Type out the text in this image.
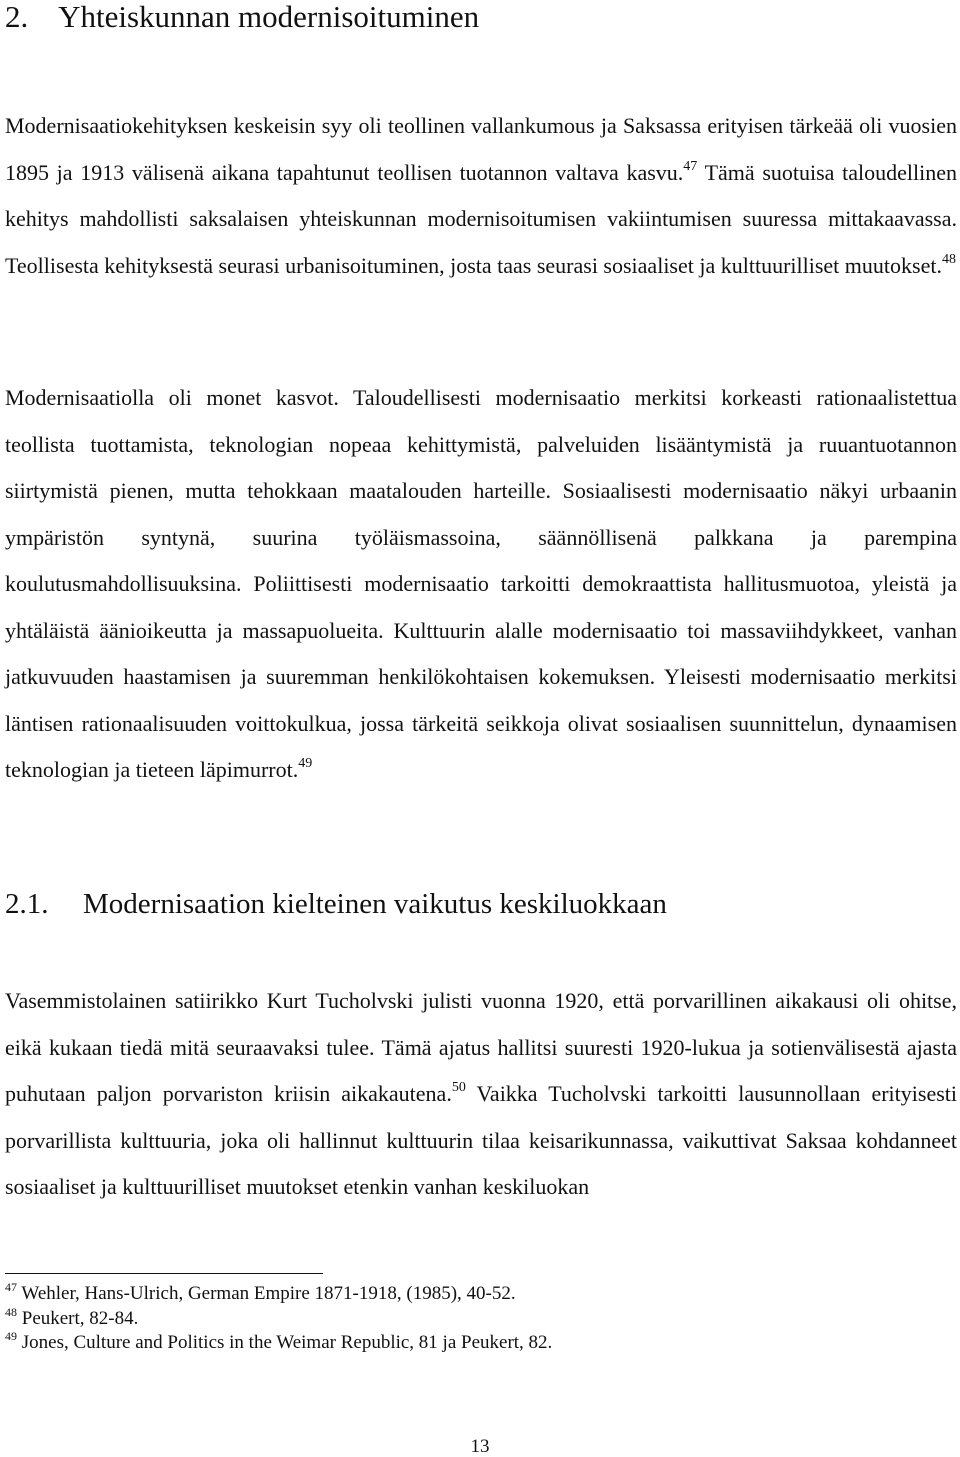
2.    Yhteiskunnan modernisoituminen

Modernisaatiokehityksen keskeisin syy oli teollinen vallankumous ja Saksassa erityisen tärkeää oli vuosien 1895 ja 1913 välisenä aikana tapahtunut teollisen tuotannon valtava kasvu.$^{47}$ Tämä suotuisa taloudellinen kehitys mahdollisti saksalaisen yhteiskunnan modernisoitumisen vakiintumisen suuressa mittakaavassa. Teollisesta kehityksestä seurasi urbanisoituminen, josta taas seurasi sosiaaliset ja kulttuurilliset muutokset.$^{48}$

Modernisaatiolla oli monet kasvot. Taloudellisesti modernisaatio merkitsi korkeasti rationaalistettua teollista tuottamista, teknologian nopeaa kehittymistä, palveluiden lisääntymistä ja ruuantuotannon siirtymistä pienen, mutta tehokkaan maatalouden harteille. Sosiaalisesti modernisaatio näkyi urbaanin ympäristön syntynä, suurina työläismassoina, säännöllisenä palkkana ja parempina koulutusmahdollisuuksina. Poliittisesti modernisaatio tarkoitti demokraattista hallitusmuotoa, yleistä ja yhtäläistä äänioikeutta ja massapuolueita. Kulttuurin alalle modernisaatio toi massaviihdykkeet, vanhan jatkuvuuden haastamisen ja suuremman henkilökohtaisen kokemuksen. Yleisesti modernisaatio merkitsi läntisen rationaalisuuden voittokulkua, jossa tärkeitä seikkoja olivat sosiaalisen suunnittelun, dynaamisen teknologian ja tieteen läpimurrot.$^{49}$

2.1. Modernisaation kielteinen vaikutus keskiluokkaan

Vasemmistolainen satiirikko Kurt Tucholvski julisti vuonna 1920, että porvarillinen aikakausi oli ohitse, eikä kukaan tiedä mitä seuraavaksi tulee. Tämä ajatus hallitsi suuresti 1920-lukua ja sotienvälisestä ajasta puhutaan paljon porvariston kriisin aikakautena.$^{50}$ Vaikka Tucholvski tarkoitti lausunnollaan erityisesti porvarillista kulttuuria, joka oli hallinnut kulttuurin tilaa keisarikunnassa, vaikuttivat Saksaa kohdanneet sosiaaliset ja kulttuurilliset muutokset etenkin vanhan keskiluokan

$^{47}$ Wehler, Hans-Ulrich, German Empire 1871-1918, (1985), 40-52.
$^{48}$ Peukert, 82-84.
$^{49}$ Jones, Culture and Politics in the Weimar Republic, 81 ja Peukert, 82.
13
